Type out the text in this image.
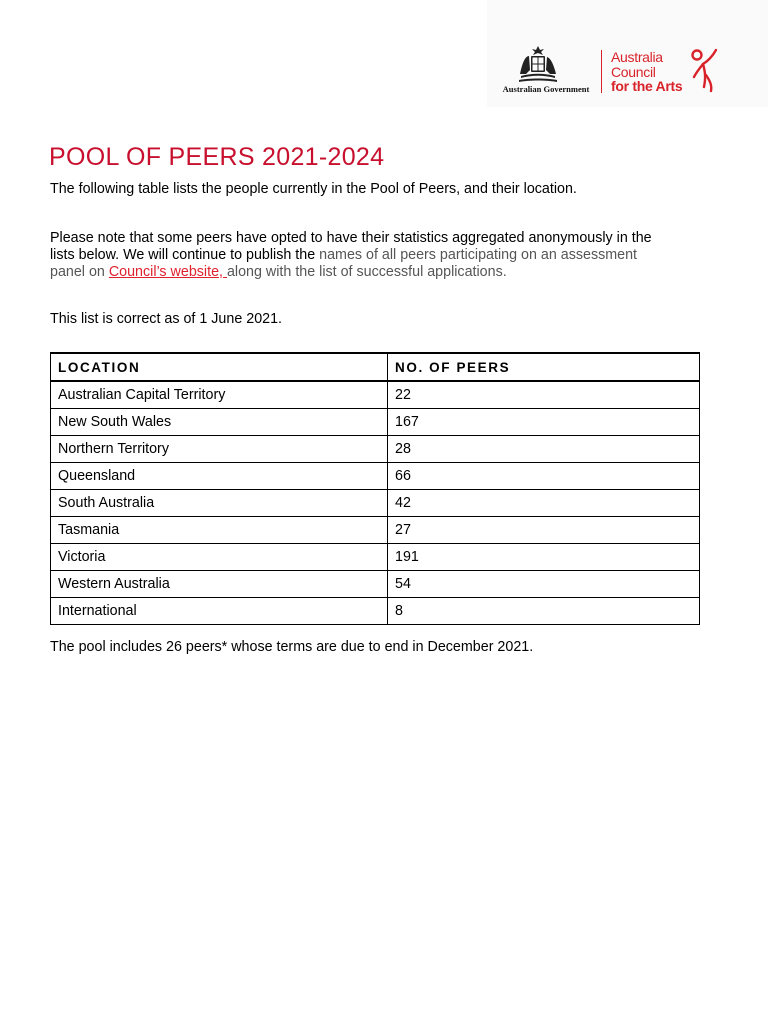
Australian Government
Australia
Council
for the Arts
POOL OF PEERS 2021-2024
The following table lists the people currently in the Pool of Peers, and their location.
Please note that some peers have opted to have their statistics aggregated anonymously in the
lists below. We will continue to publish the names of all peers participating on an assessment
panel on Council’s website, along with the list of successful applications.
This list is correct as of 1 June 2021.
LOCATION	NO. OF PEERS
Australian Capital Territory	22
New South Wales	167
Northern Territory	28
Queensland	66
South Australia	42
Tasmania	27
Victoria	191
Western Australia	54
International	8
The pool includes 26 peers* whose terms are due to end in December 2021.
